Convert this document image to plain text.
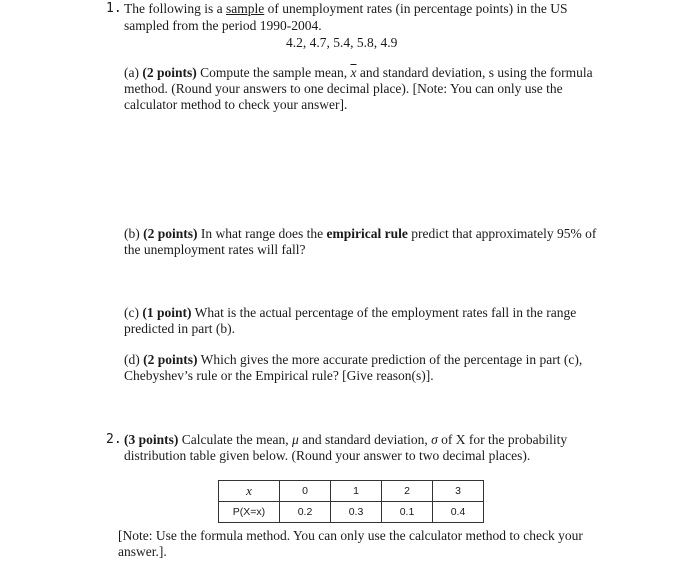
1. The following is a sample of unemployment rates (in percentage points) in the US
sampled from the period 1990-2004.
4.2, 4.7, 5.4, 5.8, 4.9
(a) (2 points) Compute the sample mean, $\overline{x}$ and standard deviation, s using the formula
method. (Round your answers to one decimal place). [Note: You can only use the
calculator method to check your answer].
(b) (2 points) In what range does the empirical rule predict that approximately 95% of
the unemployment rates will fall?
(c) (1 point) What is the actual percentage of the employment rates fall in the range
predicted in part (b).
(d) (2 points) Which gives the more accurate prediction of the percentage in part (c),
Chebyshev’s rule or the Empirical rule? [Give reason(s)].
2. (3 points) Calculate the mean, μ and standard deviation, σ of X for the probability
distribution table given below. (Round your answer to two decimal places).
x	0	1	2	3
P(X=x)	0.2	0.3	0.1	0.4
[Note: Use the formula method. You can only use the calculator method to check your
answer.].
